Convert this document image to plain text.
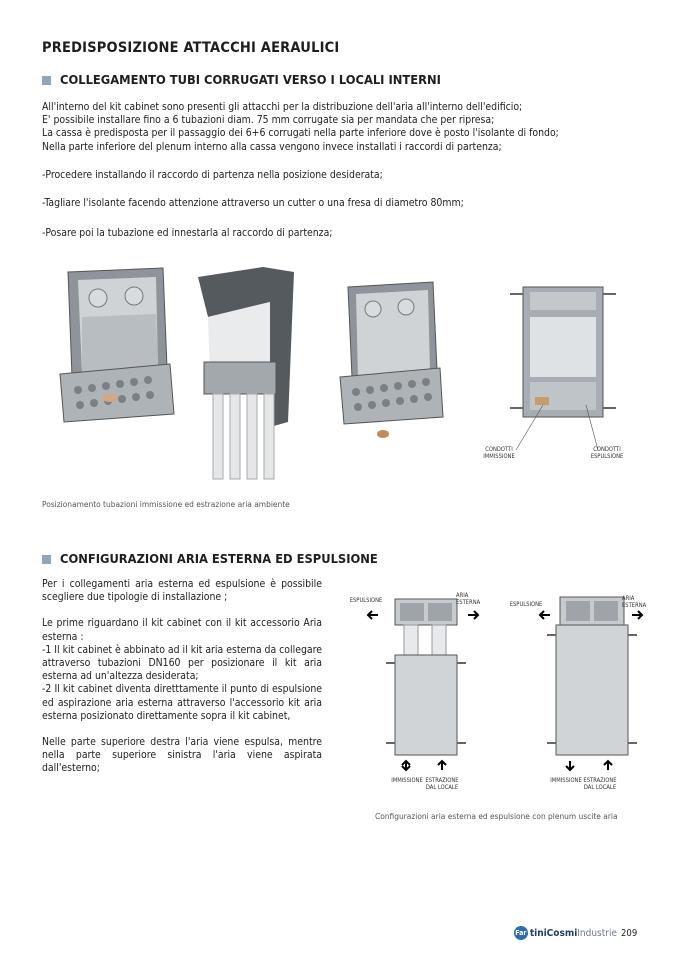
PREDISPOSIZIONE ATTACCHI AERAULICI
COLLEGAMENTO TUBI CORRUGATI VERSO I LOCALI INTERNI

All'interno del kit cabinet sono presenti gli attacchi per la distribuzione dell'aria all'interno dell'edificio;

E' possibile installare fino a 6 tubazioni diam. 75 mm corrugate sia per mandata che per ripresa;

La cassa è predisposta per il passaggio dei 6+6 corrugati nella parte inferiore dove è posto l'isolante di fondo;

Nella parte inferiore del plenum interno alla cassa vengono invece installati i raccordi di partenza;

-Procedere installando il raccordo di partenza nella posizione desiderata;

-Tagliare l'isolante facendo attenzione attraverso un cutter o una fresa di diametro 80mm;

-Posare poi la tubazione ed innestarla al raccordo di partenza;

CONDOTTI
IMMISSIONE
CONDOTTI
ESPULSIONE

Posizionamento tubazioni immissione ed estrazione aria ambiente

CONFIGURAZIONI ARIA ESTERNA ED ESPULSIONE

Per i collegamenti aria esterna ed espulsione è possibile scegliere due tipologie di installazione ;

Le prime riguardano il kit cabinet con il kit accessorio Aria esterna :

-1 Il kit cabinet è abbinato ad il kit aria esterna da collegare attraverso tubazioni DN160 per posizionare il kit aria esterna ad un'altezza desiderata;

-2 Il kit cabinet diventa diretttamente il punto di espulsione ed aspirazione aria esterna attraverso l'accessorio kit aria esterna posizionato direttamente sopra il kit cabinet,

Nelle parte superiore destra l'aria viene espulsa, mentre nella parte superiore sinistra l'aria viene aspirata dall'esterno;

ESPULSIONE
ARIA
ESTERNA	ESPULSIONE
ARIA
ESTERNA
IMMISSIONE ESTRAZIONE
DAL LOCALE
IMMISSIONE ESTRAZIONE
DAL LOCALE

Configurazioni aria esterna ed espulsione con plenum uscite aria

Far tiniCosmi Industrie 209
